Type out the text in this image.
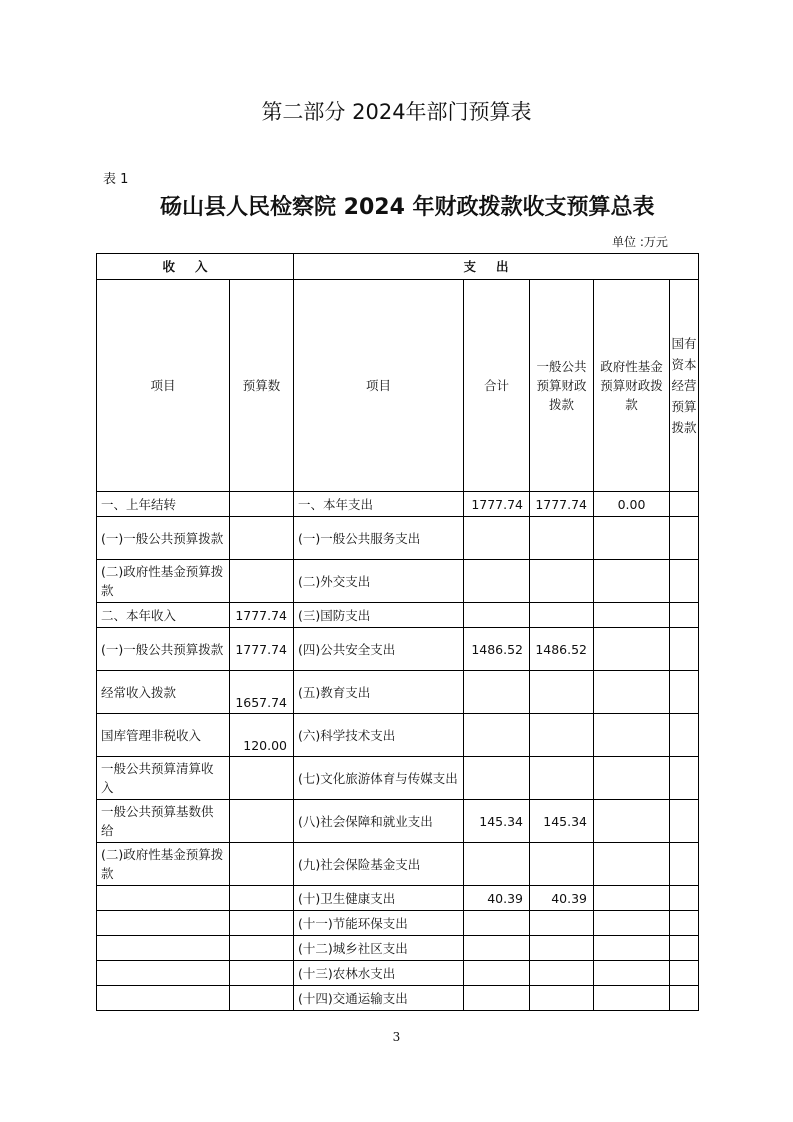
第二部分 2024年部门预算表
表 1
砀山县人民检察院 2024 年财政拨款收支预算总表
单位 :万元
收入		支出				
项目	预算数	项目	合计	一般公共预算财政拨款	政府性基金预算财政拨款	国有资本经营预算拨款
一、上年结转		一、本年支出	1777.74	1777.74	0.00	
(一)一般公共预算拨款		(一)一般公共服务支出				
(二)政府性基金预算拨款		(二)外交支出				
二、本年收入	1777.74	(三)国防支出				
(一)一般公共预算拨款	1777.74	(四)公共安全支出	1486.52	1486.52		
经常收入拨款	1657.74	(五)教育支出				
国库管理非税收入	120.00	(六)科学技术支出				
一般公共预算清算收入		(七)文化旅游体育与传媒支出				
一般公共预算基数供给		(八)社会保障和就业支出	145.34	145.34		
(二)政府性基金预算拨款		(九)社会保险基金支出				
		(十)卫生健康支出	40.39	40.39		
		(十一)节能环保支出				
		(十二)城乡社区支出				
		(十三)农林水支出				
		(十四)交通运输支出				
3
